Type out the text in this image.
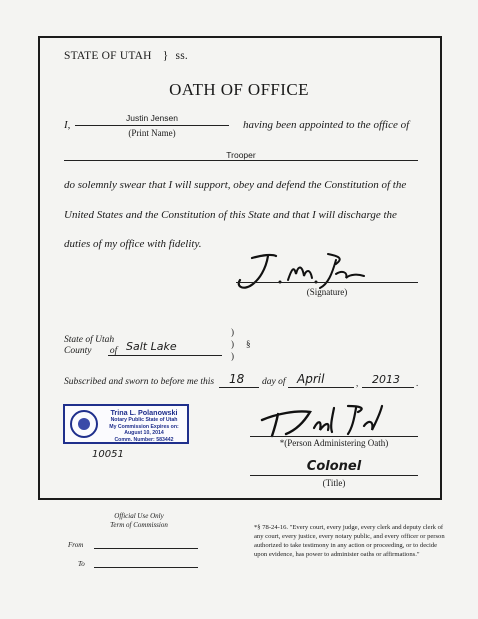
STATE OF UTAH } ss.
OATH OF OFFICE
I,
Justin Jensen
(Print Name)
having been appointed to the office of
Trooper
do solemnly swear that I will support, obey and defend the Constitution of the
United States and the Constitution of this State and that I will discharge the
duties of my office with fidelity.
(Signature)
State of Utah
County of Salt Lake
)
)
)
§
Subscribed and sworn to before me this 18 day of April	, 2013 .
Trina L. Polanowski
Notary Public State of Utah
My Commission Expires on:
August 10, 2014
Comm. Number: 583442
10051
*(Person Administering Oath)
Colonel
(Title)
Official Use Only
Term of Commission
From
To
*§ 78-24-16. "Every court, every judge, every clerk and deputy clerk of any court, every justice, every notary public, and every officer or person authorized to take testimony in any action or proceeding, or to decide upon evidence, has power to administer oaths or affirmations."
